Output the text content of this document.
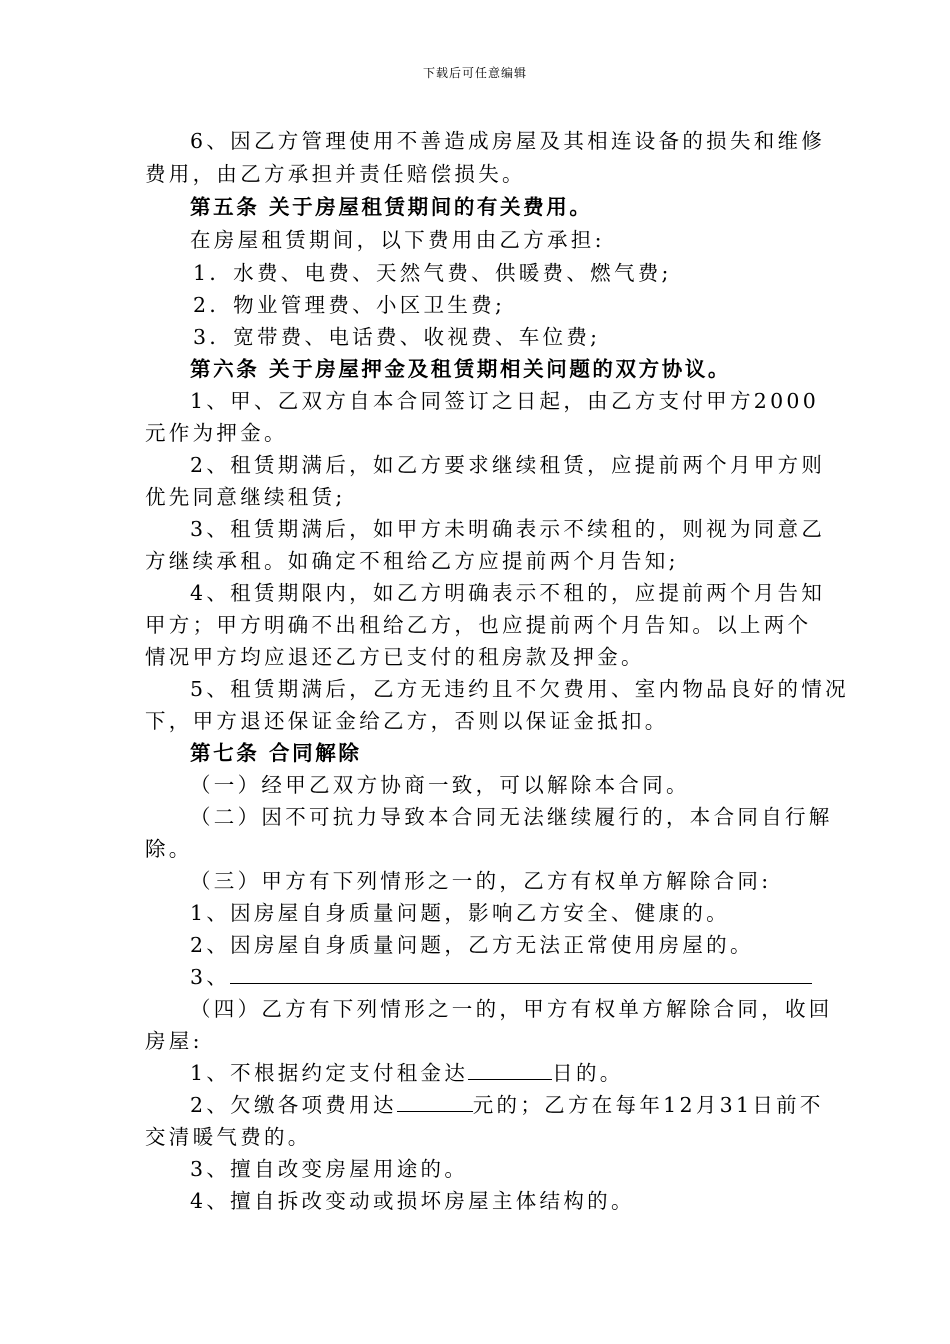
下载后可任意编辑
6、因乙方管理使用不善造成房屋及其相连设备的损失和维修
费用，由乙方承担并责任赔偿损失。
第五条 关于房屋租赁期间的有关费用。
在房屋租赁期间，以下费用由乙方承担:
1．水费、电费、天然气费、供暖费、燃气费;
2．物业管理费、小区卫生费;
3．宽带费、电话费、收视费、车位费;
第六条 关于房屋押金及租赁期相关问题的双方协议。
1、甲、乙双方自本合同签订之日起，由乙方支付甲方2000
元作为押金。
2、租赁期满后，如乙方要求继续租赁，应提前两个月甲方则
优先同意继续租赁;
3、租赁期满后，如甲方未明确表示不续租的，则视为同意乙
方继续承租。如确定不租给乙方应提前两个月告知;
4、租赁期限内，如乙方明确表示不租的，应提前两个月告知
甲方；甲方明确不出租给乙方，也应提前两个月告知。以上两个
情况甲方均应退还乙方已支付的租房款及押金。
5、租赁期满后，乙方无违约且不欠费用、室内物品良好的情况
下，甲方退还保证金给乙方，否则以保证金抵扣。
第七条 合同解除
（一）经甲乙双方协商一致，可以解除本合同。
（二）因不可抗力导致本合同无法继续履行的，本合同自行解
除。
（三）甲方有下列情形之一的，乙方有权单方解除合同:
1、因房屋自身质量问题，影响乙方安全、健康的。
2、因房屋自身质量问题，乙方无法正常使用房屋的。
3、
（四）乙方有下列情形之一的，甲方有权单方解除合同，收回
房屋:
1、不根据约定支付租金达	日的。
2、欠缴各项费用达	元的；乙方在每年12月31日前不
交清暖气费的。
3、擅自改变房屋用途的。
4、擅自拆改变动或损坏房屋主体结构的。
